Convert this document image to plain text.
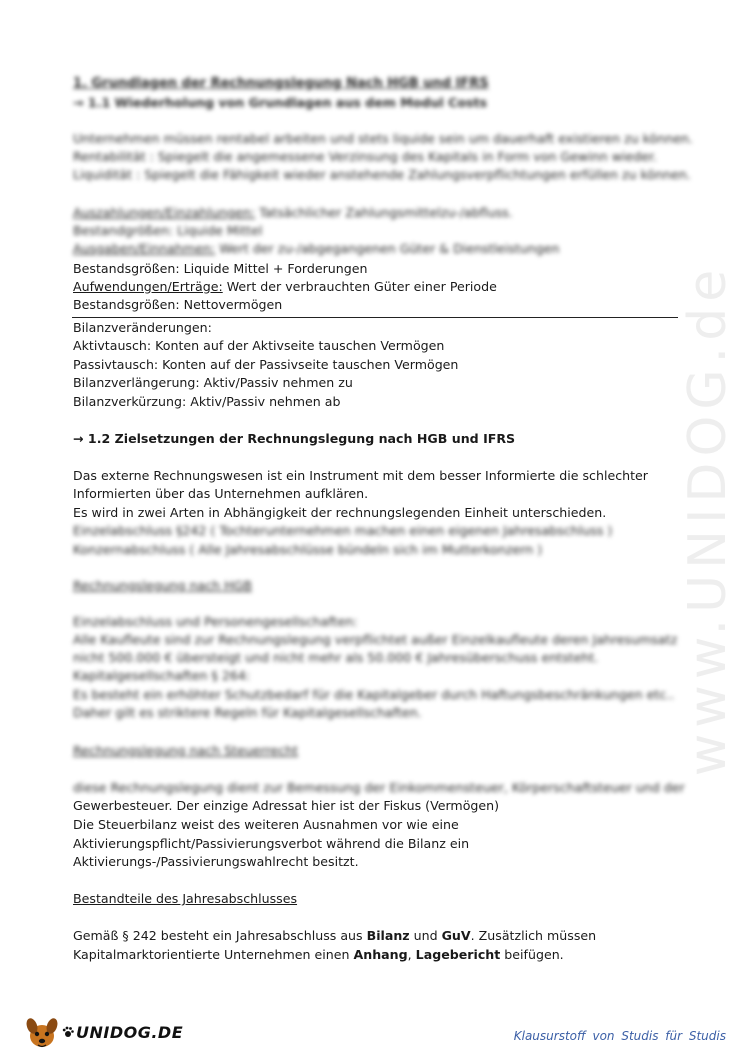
www.UNIDOG.de
1. Grundlagen der Rechnungslegung Nach HGB und IFRS
→ 1.1 Wiederholung von Grundlagen aus dem Modul Costs
Unternehmen müssen rentabel arbeiten und stets liquide sein um dauerhaft existieren zu können.
Rentabilität : Spiegelt die angemessene Verzinsung des Kapitals in Form von Gewinn wieder.
Liquidität : Spiegelt die Fähigkeit wieder anstehende Zahlungsverpflichtungen erfüllen zu können.
Auszahlungen/Einzahlungen: Tatsächlicher Zahlungsmittelzu-/abfluss.
Bestandgrößen: Liquide Mittel
Ausgaben/Einnahmen: Wert der zu-/abgegangenen Güter & Dienstleistungen
Bestandsgrößen: Liquide Mittel + Forderungen
Aufwendungen/Erträge: Wert der verbrauchten Güter einer Periode
Bestandsgrößen: Nettovermögen
Bilanzveränderungen:
Aktivtausch: Konten auf der Aktivseite tauschen Vermögen
Passivtausch: Konten auf der Passivseite tauschen Vermögen
Bilanzverlängerung: Aktiv/Passiv nehmen zu
Bilanzverkürzung: Aktiv/Passiv nehmen ab
→ 1.2 Zielsetzungen der Rechnungslegung nach HGB und IFRS
Das externe Rechnungswesen ist ein Instrument mit dem besser Informierte die schlechter
Informierten über das Unternehmen aufklären.
Es wird in zwei Arten in Abhängigkeit der rechnungslegenden Einheit unterschieden.
Einzelabschluss §242 ( Tochterunternehmen machen einen eigenen Jahresabschluss )
Konzernabschluss ( Alle Jahresabschlüsse bündeln sich im Mutterkonzern )
Rechnungslegung nach HGB
Einzelabschluss und Personengesellschaften:
Alle Kaufleute sind zur Rechnungslegung verpflichtet außer Einzelkaufleute deren Jahresumsatz
nicht 500.000 € übersteigt und nicht mehr als 50.000 € Jahresüberschuss entsteht.
Kapitalgesellschaften § 264:
Es besteht ein erhöhter Schutzbedarf für die Kapitalgeber durch Haftungsbeschränkungen etc..
Daher gilt es striktere Regeln für Kapitalgesellschaften.
Rechnungslegung nach Steuerrecht
diese Rechnungslegung dient zur Bemessung der Einkommensteuer, Körperschaftsteuer und der
Gewerbesteuer. Der einzige Adressat hier ist der Fiskus (Vermögen)
Die Steuerbilanz weist des weiteren Ausnahmen vor wie eine
Aktivierungspflicht/Passivierungsverbot während die Bilanz ein
Aktivierungs-/Passivierungswahlrecht besitzt.
Bestandteile des Jahresabschlusses
Gemäß § 242 besteht ein Jahresabschluss aus Bilanz und GuV. Zusätzlich müssen
Kapitalmarktorientierte Unternehmen einen Anhang, Lagebericht beifügen.
UNIDOG.DE	Klausurstoff von Studis für Studis
